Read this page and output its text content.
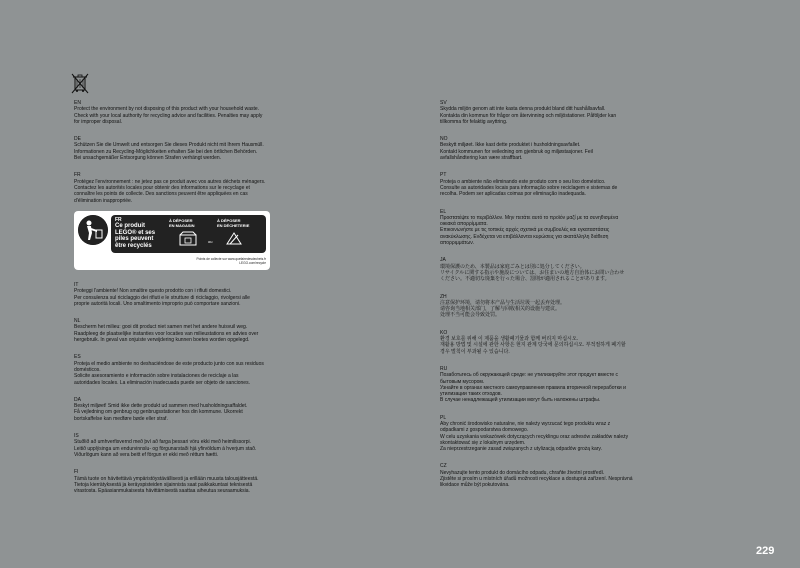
EN
Protect the environment by not disposing of this product with your household waste.
Check with your local authority for recycling advice and facilities. Penalties may apply
for improper disposal.
DE
Schützen Sie die Umwelt und entsorgen Sie dieses Produkt nicht mit Ihrem Hausmüll.
Informationen zu Recycling-Möglichkeiten erhalten Sie bei den örtlichen Behörden.
Bei unsachgemäßer Entsorgung können Strafen verhängt werden.
FR
Protégez l'environnement : ne jetez pas ce produit avec vos autres déchets ménagers.
Contactez les autorités locales pour obtenir des informations sur le recyclage et
connaître les points de collecte. Des sanctions peuvent être appliquées en cas
d'élimination inappropriée.
FR
Ce produit
LEGO® et ses
piles peuvent
être recyclés
À DÉPOSER
EN MAGASIN
ou
À DÉPOSER
EN DÉCHETERIE
Points de collecte sur www.quefairedesdechets.fr
LEGO.com/recycle
IT
Proteggi l'ambiente! Non smaltire questo prodotto con i rifiuti domestici.
Per consulenza sul riciclaggio dei rifiuti e le strutture di riciclaggio, rivolgersi alle
proprie autorità locali. Uno smaltimento improprio può comportare sanzioni.
NL
Bescherm het milieu: gooi dit product niet samen met het andere huisvuil weg.
Raadpleeg de plaatselijke instanties voor locaties van milieustations en advies over
hergebruik. In geval van onjuiste verwijdering kunnen boetes worden opgelegd.
ES
Proteja el medio ambiente no deshaciéndose de este producto junto con sus residuos
domésticos.
Solicite asesoramiento e información sobre instalaciones de reciclaje a las
autoridades locales. La eliminación inadecuada puede ser objeto de sanciones.
DA
Beskyt miljøet! Smid ikke dette produkt ud sammen med husholdningsaffaldet.
Få vejledning om genbrug og genbrugsstationer hos din kommune. Ukorrekt
bortskaffelse kan medføre bøde eller straf.
IS
Stuðlið að umhverfisvernd með því að farga þessari vöru ekki með heimilissorpi.
Leitið upplýsinga um endurvinnslu- og förgunarstaði hjá yfirvöldum á hverjum stað.
Viðurlögum kann að vera beitt ef förgun er ekki með réttum hætti.
FI
Tämä tuote on hävitettävä ympäristöystävällisesti ja erillään muusta talousjätteestä.
Tietoja kierrätyksestä ja keräyspisteiden sijainnista saat paikkakuntasi teknisestä
virastosta. Epäasianmukaisesta hävittämisestä saattaa aiheutua seuraamuksia.
SV
Skydda miljön genom att inte kasta denna produkt bland ditt hushållsavfall.
Kontakta din kommun för frågor om återvinning och miljöstationer. Påföljder kan
tillkomma för felaktig avyttring.
NO
Beskytt miljøet. Ikke kast dette produktet i husholdningsavfallet.
Kontakt kommunen for veiledning om gjenbruk og miljøstasjoner. Feil
avfallshåndtering kan være straffbart.
PT
Proteja o ambiente não eliminando este produto com o seu lixo doméstico.
Consulte as autoridades locais para informação sobre reciclagem e sistemas de
recolha. Podem ser aplicadas coimas por eliminação inadequada.
EL
Προστατέψτε το περιβάλλον. Μην πετάτε αυτό το προϊόν μαζί με τα συνηθισμένα
οικιακά απορρίμματα.
Επικοινωνήστε με τις τοπικές αρχές σχετικά με συμβουλές και εγκαταστάσεις
ανακύκλωσης. Ενδέχεται να επιβάλλονται κυρώσεις για ακατάλληλη διάθεση
απορριμμάτων.
JA
環境保護のため、本製品は家庭ごみとは別に処分してください。
リサイクルに関する指示や施設については、お住まいの地方自治体にお問い合わせ
ください。不適切な廃棄を行った場合、罰則が適用されることがあります。
ZH
注意保护环境，请勿将本产品与生活垃圾一起丢弃处理。
请咨询当地相关部门，了解与回收相关的设施与建议。
处理不当可能会导致处罚。
KO
환경 보호를 위해 이 제품을 생활폐기물과 함께 버리지 마십시오.
재활용 방법 및 시설에 관한 사항은 현지 관계 당국에 문의하십시오. 부적절하게 폐기할
경우 벌칙이 부과될 수 있습니다.
RU
Позаботьтесь об окружающей среде: не утилизируйте этот продукт вместе с
бытовым мусором.
Узнайте в органах местного самоуправления правила вторичной переработки и
утилизации таких отходов.
В случае ненадлежащей утилизации могут быть наложены штрафы.
PL
Aby chronić środowisko naturalne, nie należy wyrzucać tego produktu wraz z
odpadkami z gospodarstwa domowego.
W celu uzyskania wskazówek dotyczących recyklingu oraz adresów zakładów należy
skontaktować się z lokalnym urzędem.
Za nieprzestrzeganie zasad związanych z utylizacją odpadów grożą kary.
CZ
Nevyhazujte tento produkt do domácího odpadu, chraňte životní prostředí.
Zjistěte si prosím u místních úřadů možnosti recyklace a dostupná zařízení. Nesprávná
likvidace může být pokutována.
229
